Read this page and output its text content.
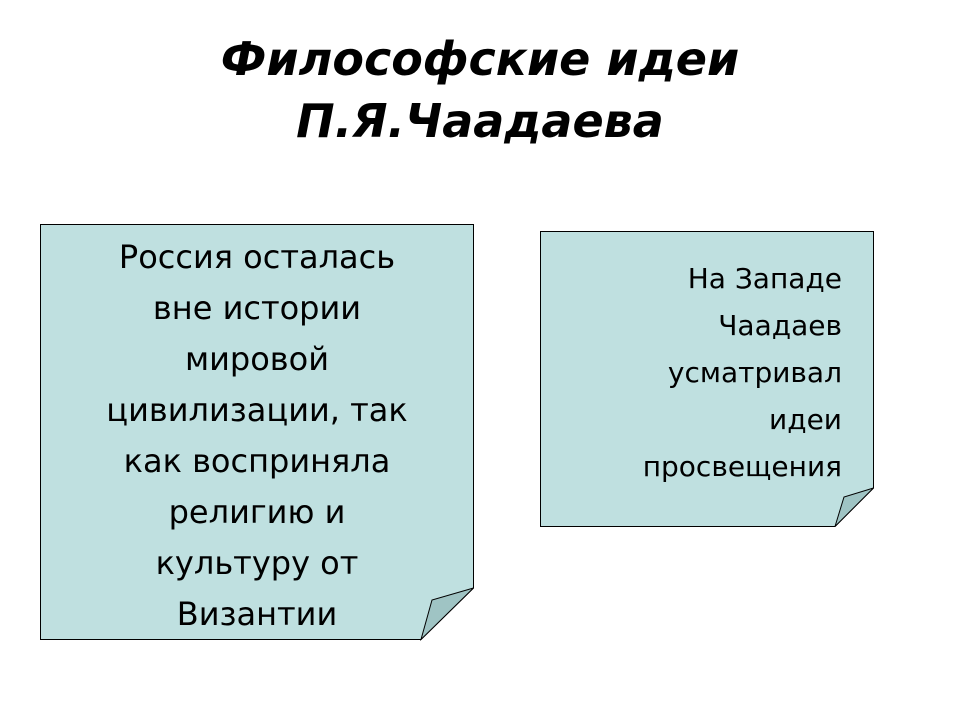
Философские идеи
П.Я.Чаадаева
Россия осталась
вне истории
мировой
цивилизации, так
как восприняла
религию и
культуру от
Византии
На Западе
Чаадаев
усматривал
идеи
просвещения
